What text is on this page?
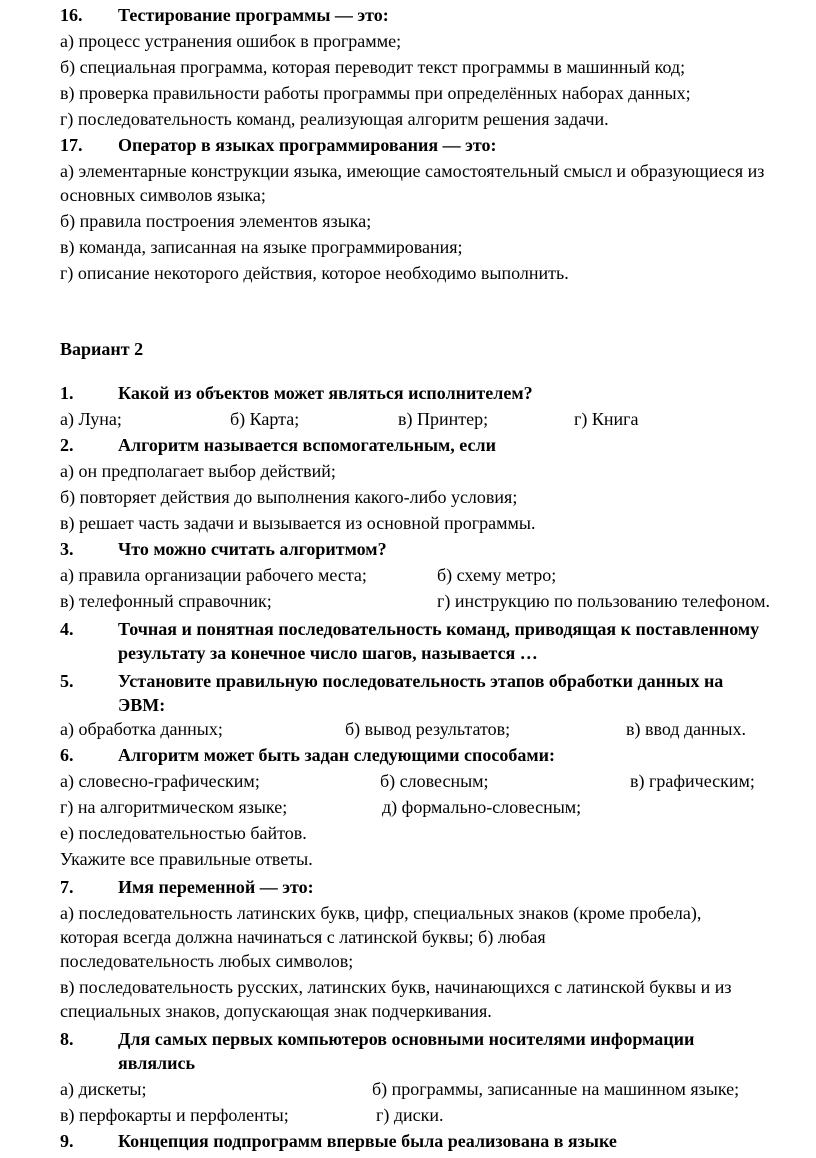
16. Тестирование программы — это:
а) процесс устранения ошибок в программе;
б) специальная программа, которая переводит текст программы в машинный код;
в) проверка правильности работы программы при определённых наборах данных;
г) последовательность команд, реализующая алгоритм решения задачи.
17. Оператор в языках программирования — это:
а) элементарные конструкции языка, имеющие самостоятельный смысл и образующиеся из
основных символов языка;
б) правила построения элементов языка;
в) команда, записанная на языке программирования;
г) описание некоторого действия, которое необходимо выполнить.
Вариант 2
1. Какой из объектов может являться исполнителем?
а) Луна;	б) Карта;	в) Принтер;	г) Книга
2. Алгоритм называется вспомогательным, если
а) он предполагает выбор действий;
б) повторяет действия до выполнения какого-либо условия;
в) решает часть задачи и вызывается из основной программы.
3. Что можно считать алгоритмом?
а) правила организации рабочего места;	б) схему метро;
в) телефонный справочник;	г) инструкцию по пользованию телефоном.
4. Точная и понятная последовательность команд, приводящая к поставленному
результату за конечное число шагов, называется …
5. Установите правильную последовательность этапов обработки данных на
ЭВМ:
а) обработка данных;	б) вывод результатов;	в) ввод данных.
6. Алгоритм может быть задан следующими способами:
а) словесно-графическим;	б) словесным;	в) графическим;
г) на алгоритмическом языке;	д) формально-словесным;
е) последовательностью байтов.
Укажите все правильные ответы.
7. Имя переменной — это:
а) последовательность латинских букв, цифр, специальных знаков (кроме пробела),
которая всегда должна начинаться с латинской буквы; б) любая
последовательность любых символов;
в) последовательность русских, латинских букв, начинающихся с латинской буквы и из
специальных знаков, допускающая знак подчеркивания.
8. Для самых первых компьютеров основными носителями информации
являлись
а) дискеты;	б) программы, записанные на машинном языке;
в) перфокарты и перфоленты;	г) диски.
9. Концепция подпрограмм впервые была реализована в языке
